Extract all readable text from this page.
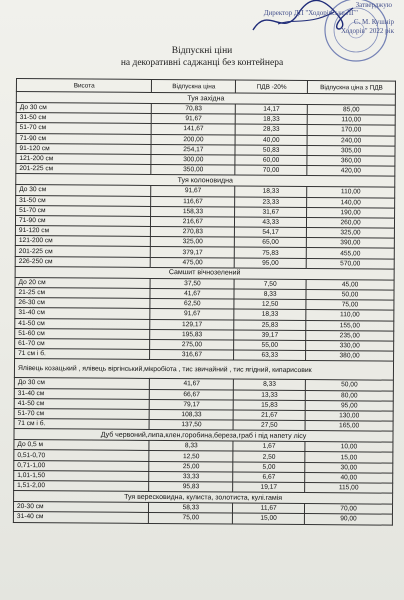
Затверджую
Директор ДП "Ходорівське ЛГ"
С. М. Кушнір
"Ходорів" 2022 рік
Відпускні ціни
на декоративні саджанці без контейнера
Висота	Відпускна ціна	ПДВ -20%	Відпускна ціна з ПДВ
Туя західна			
До 30 см	70,83	14,17	85,00
31-50 см	91,67	18,33	110,00
51-70 см	141,67	28,33	170,00
71-90 см	200,00	40,00	240,00
91-120 см	254,17	50,83	305,00
121-200 см	300,00	60,00	360,00
201-225 см	350,00	70,00	420,00
Туя колоновидна			
До 30 см	91,67	18,33	110,00
31-50 см	116,67	23,33	140,00
51-70 см	158,33	31,67	190,00
71-90 см	216,67	43,33	260,00
91-120 см	270,83	54,17	325,00
121-200 см	325,00	65,00	390,00
201-225 см	379,17	75,83	455,00
226-250 см	475,00	95,00	570,00
Самшит вічнозелений			
До 20 см	37,50	7,50	45,00
21-25 см	41,67	8,33	50,00
26-30 см	62,50	12,50	75,00
31-40 см	91,67	18,33	110,00
41-50 см	129,17	25,83	155,00
51-60 см	195,83	39,17	235,00
61-70 см	275,00	55,00	330,00
71 см і б.	316,67	63,33	380,00
Ялівець козацький , ялівець віргінський,мікробіота , тис звичайний , тис ягідний, кипарисовик			
До 30 см	41,67	8,33	50,00
31-40 см	66,67	13,33	80,00
41-50 см	79,17	15,83	95,00
51-70 см	108,33	21,67	130,00
71 см і б.	137,50	27,50	165,00
Дуб червоний,липа,клен,горобина,береза,граб і під напету лісу			
До 0,5 м	8,33	1,67	10,00
0,51-0,70	12,50	2,50	15,00
0,71-1,00	25,00	5,00	30,00
1,01-1,50	33,33	6,67	40,00
1,51-2,00	95,83	19,17	115,00
Туя вересковидна, кулиста, золотиста, кулі.гамія			
20-30 см	58,33	11,67	70,00
31-40 см	75,00	15,00	90,00
